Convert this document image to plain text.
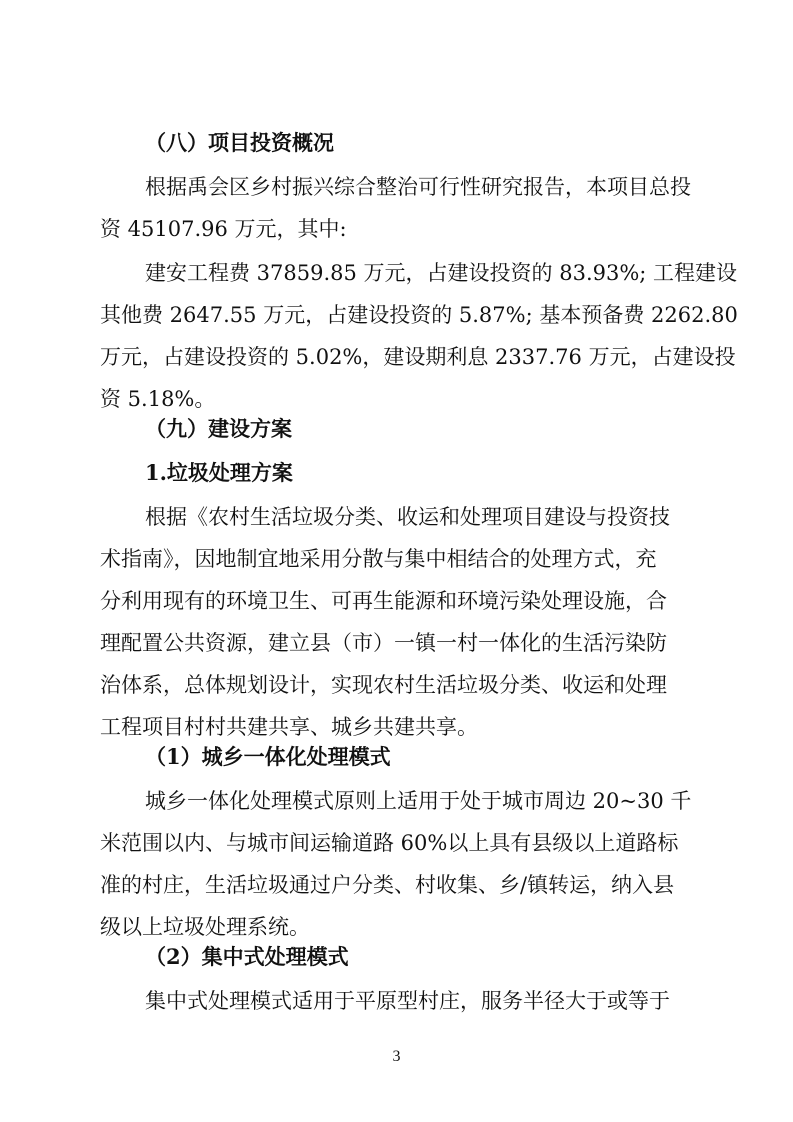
（八）项目投资概况
根据禹会区乡村振兴综合整治可行性研究报告，本项目总投
资 45107.96 万元，其中:
建安工程费 37859.85 万元，占建设投资的 83.93%; 工程建设
其他费 2647.55 万元，占建设投资的 5.87%; 基本预备费 2262.80
万元，占建设投资的 5.02%，建设期利息 2337.76 万元，占建设投
资 5.18%。
（九）建设方案
1.垃圾处理方案
根据《农村生活垃圾分类、收运和处理项目建设与投资技
术指南》，因地制宜地采用分散与集中相结合的处理方式，充
分利用现有的环境卫生、可再生能源和环境污染处理设施，合
理配置公共资源，建立县（市）一镇一村一体化的生活污染防
治体系，总体规划设计，实现农村生活垃圾分类、收运和处理
工程项目村村共建共享、城乡共建共享。
（1）城乡一体化处理模式
城乡一体化处理模式原则上适用于处于城市周边 20~30 千
米范围以内、与城市间运输道路 60%以上具有县级以上道路标
准的村庄，生活垃圾通过户分类、村收集、乡/镇转运，纳入县
级以上垃圾处理系统。
（2）集中式处理模式
集中式处理模式适用于平原型村庄，服务半径大于或等于
3
